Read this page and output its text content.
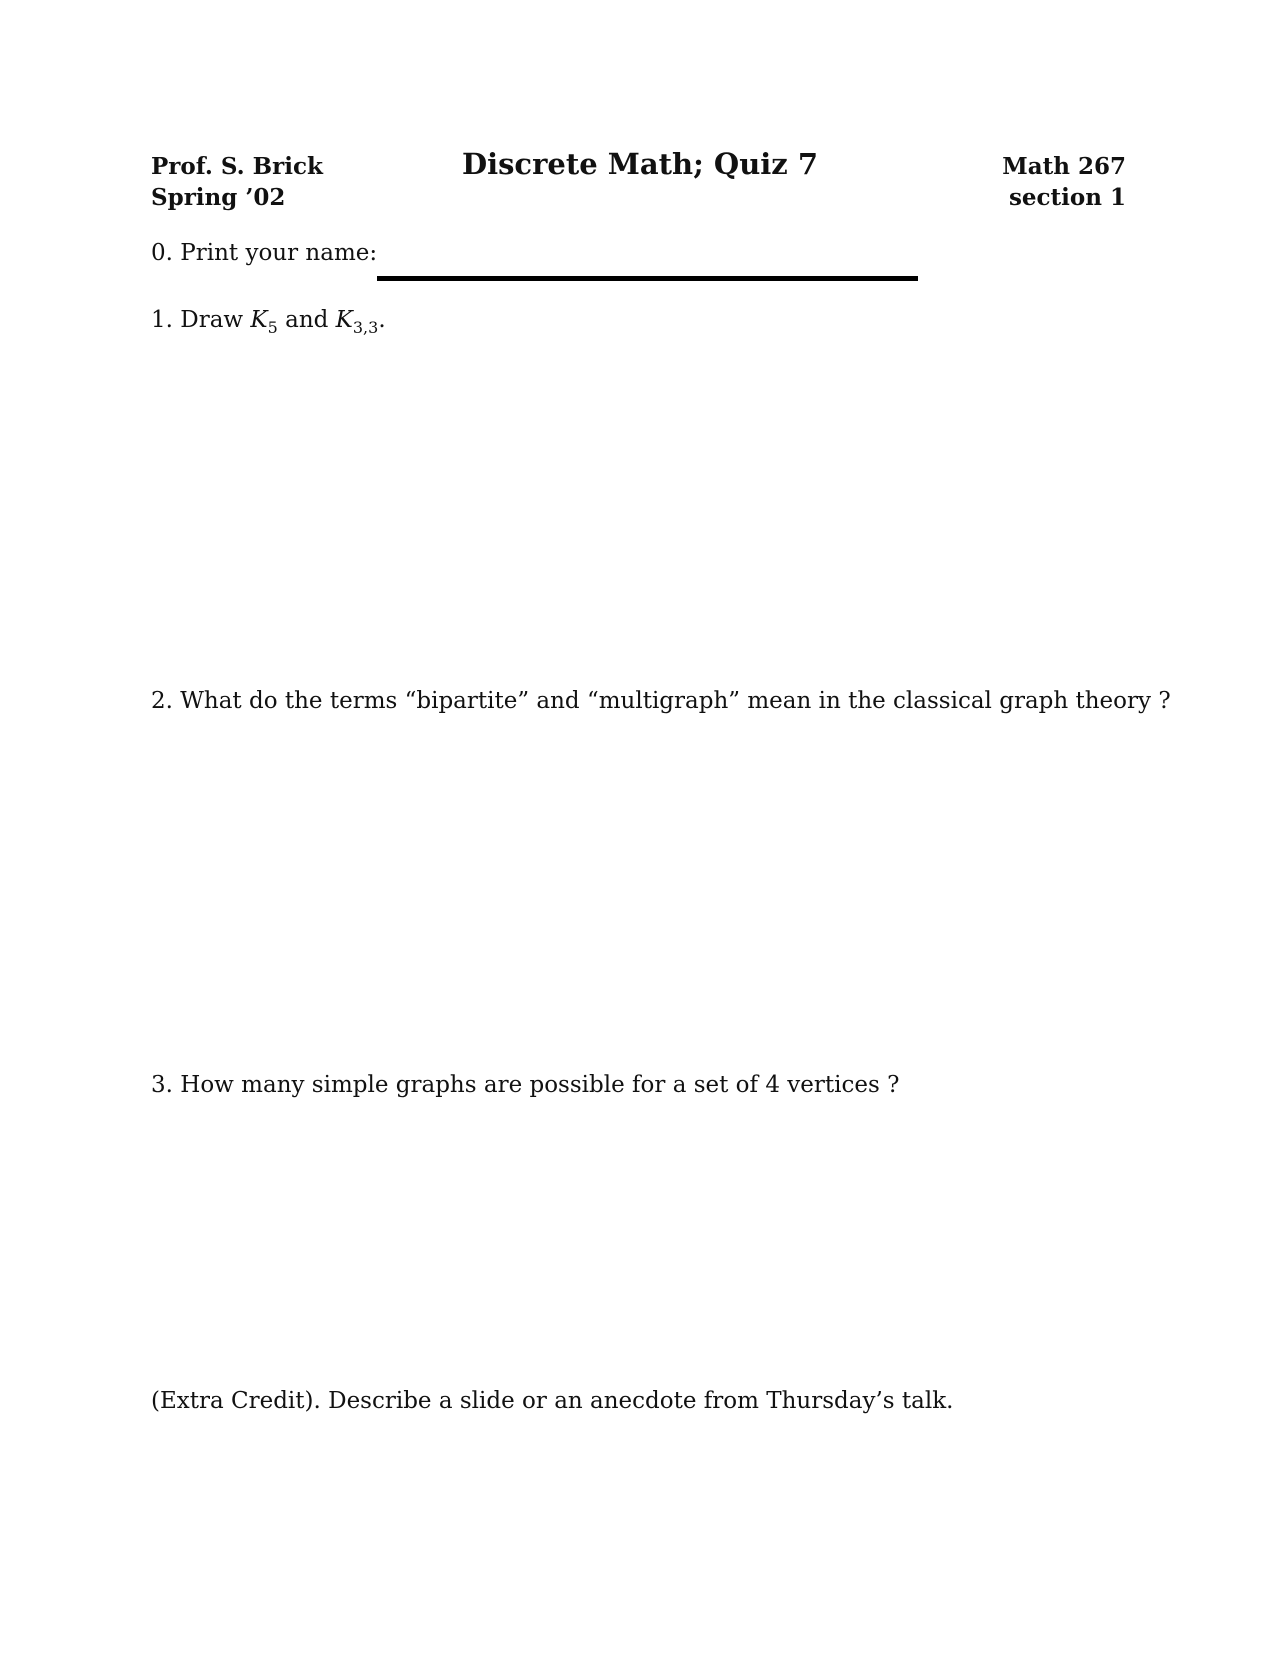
Prof. S. Brick
Spring ’02
Discrete Math; Quiz 7	Math 267
section 1
0. Print your name:
1. Draw $K_5$ and $K_{3,3}$.
2. What do the terms “bipartite” and “multigraph” mean in the classical graph theory ?
3. How many simple graphs are possible for a set of 4 vertices ?
(Extra Credit). Describe a slide or an anecdote from Thursday’s talk.
